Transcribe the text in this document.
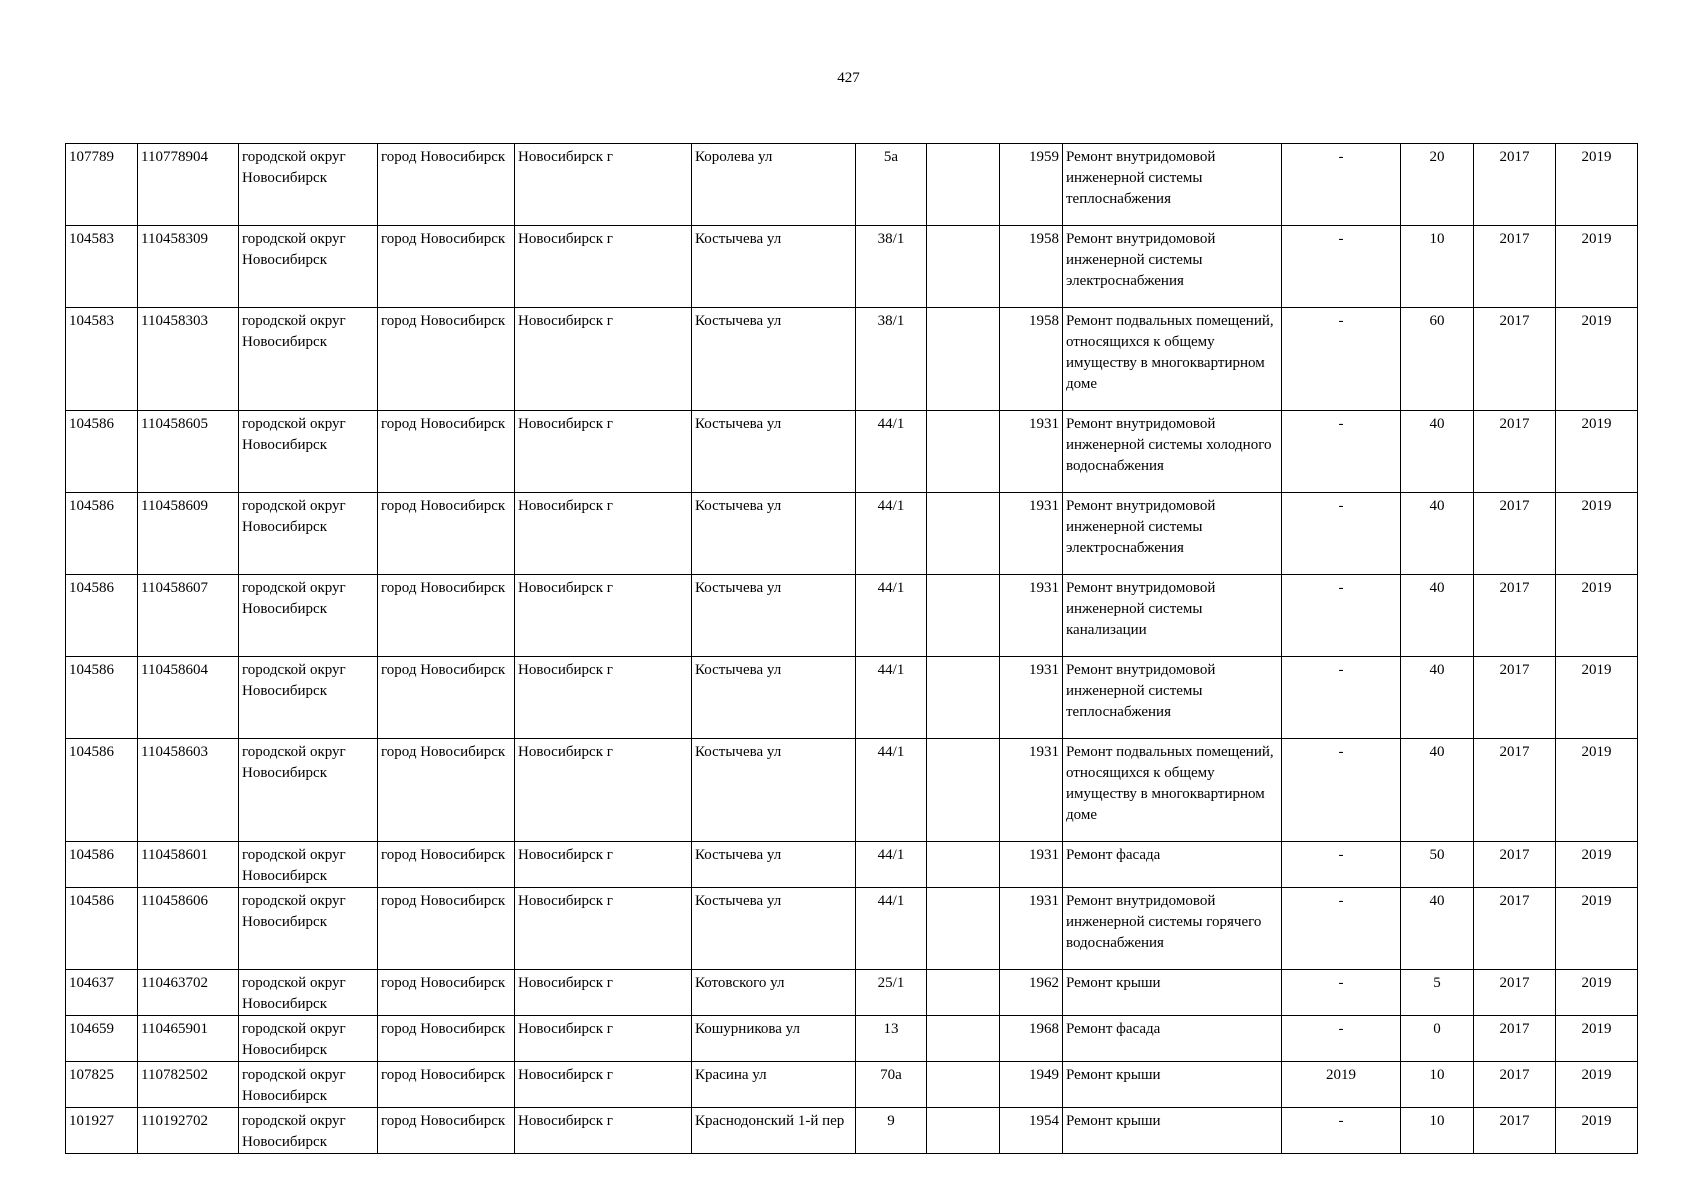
427
107789	110778904	городской округ Новосибирск	город Новосибирск	Новосибирск г	Королева ул	5а		1959	Ремонт внутридомовой инженерной системы теплоснабжения	-	20	2017	2019
104583	110458309	городской округ Новосибирск	город Новосибирск	Новосибирск г	Костычева ул	38/1		1958	Ремонт внутридомовой инженерной системы электроснабжения	-	10	2017	2019
104583	110458303	городской округ Новосибирск	город Новосибирск	Новосибирск г	Костычева ул	38/1		1958	Ремонт подвальных помещений, относящихся к общему имуществу в многоквартирном доме	-	60	2017	2019
104586	110458605	городской округ Новосибирск	город Новосибирск	Новосибирск г	Костычева ул	44/1		1931	Ремонт внутридомовой инженерной системы холодного водоснабжения	-	40	2017	2019
104586	110458609	городской округ Новосибирск	город Новосибирск	Новосибирск г	Костычева ул	44/1		1931	Ремонт внутридомовой инженерной системы электроснабжения	-	40	2017	2019
104586	110458607	городской округ Новосибирск	город Новосибирск	Новосибирск г	Костычева ул	44/1		1931	Ремонт внутридомовой инженерной системы канализации	-	40	2017	2019
104586	110458604	городской округ Новосибирск	город Новосибирск	Новосибирск г	Костычева ул	44/1		1931	Ремонт внутридомовой инженерной системы теплоснабжения	-	40	2017	2019
104586	110458603	городской округ Новосибирск	город Новосибирск	Новосибирск г	Костычева ул	44/1		1931	Ремонт подвальных помещений, относящихся к общему имуществу в многоквартирном доме	-	40	2017	2019
104586	110458601	городской округ Новосибирск	город Новосибирск	Новосибирск г	Костычева ул	44/1		1931	Ремонт фасада	-	50	2017	2019
104586	110458606	городской округ Новосибирск	город Новосибирск	Новосибирск г	Костычева ул	44/1		1931	Ремонт внутридомовой инженерной системы горячего водоснабжения	-	40	2017	2019
104637	110463702	городской округ Новосибирск	город Новосибирск	Новосибирск г	Котовского ул	25/1		1962	Ремонт крыши	-	5	2017	2019
104659	110465901	городской округ Новосибирск	город Новосибирск	Новосибирск г	Кошурникова ул	13		1968	Ремонт фасада	-	0	2017	2019
107825	110782502	городской округ Новосибирск	город Новосибирск	Новосибирск г	Красина ул	70а		1949	Ремонт крыши	2019	10	2017	2019
101927	110192702	городской округ Новосибирск	город Новосибирск	Новосибирск г	Краснодонский 1-й пер	9		1954	Ремонт крыши	-	10	2017	2019
